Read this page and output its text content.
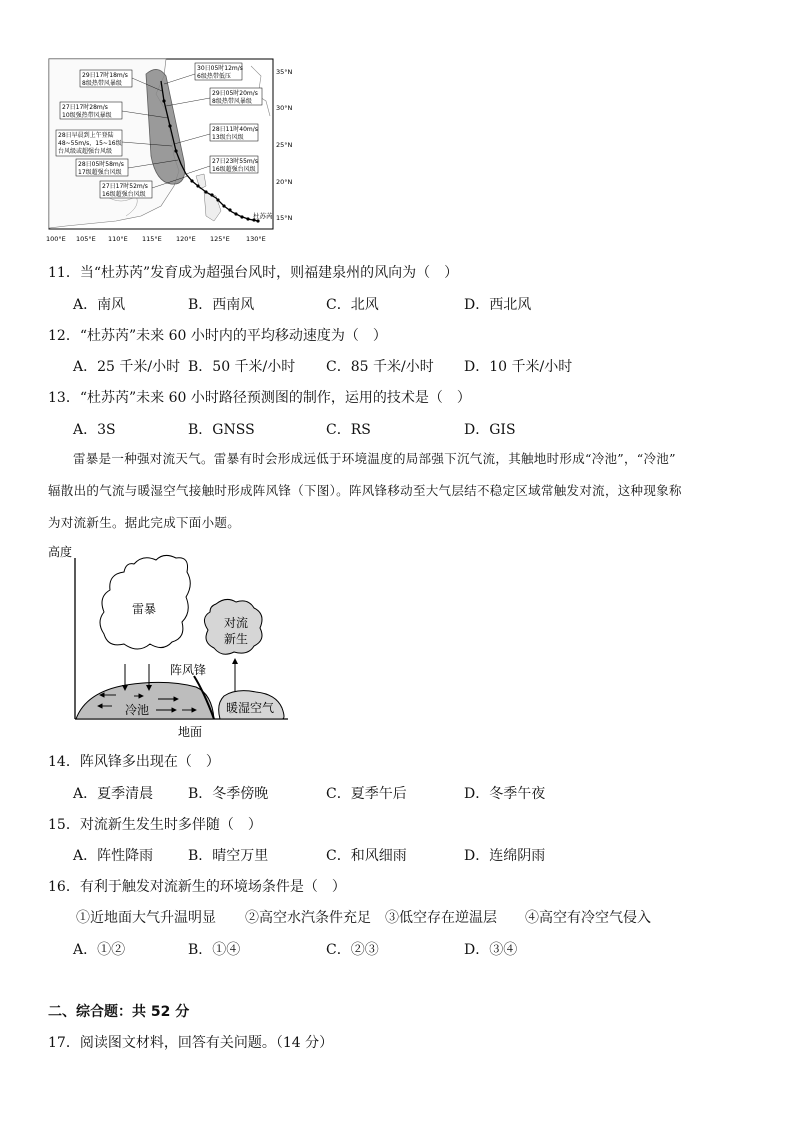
30日05时12m/s
6级热带低压
29日17时18m/s
8级热带风暴级
29日05时20m/s
8级热带风暴级
27日17时28m/s
10级强热带风暴级
28日11时40m/s
13级台风级
28日早晨到上午登陆
48~55m/s，15~16级
台风级或超强台风级
27日23时55m/s
16级超强台风级
28日05时58m/s
17级超强台风级
27日17时52m/s
16级超强台风级
杜苏芮
35°N
30°N
25°N
20°N
15°N
100°E 105°E 110°E 115°E 120°E 125°E 130°E
11．当“杜苏芮”发育成为超强台风时，则福建泉州的风向为（　）
A．南风	B．西南风	C．北风	D．西北风
12．“杜苏芮”未来 60 小时内的平均移动速度为（　）
A．25 千米/小时 B．50 千米/小时 C．85 千米/小时 D．10 千米/小时
13．“杜苏芮”未来 60 小时路径预测图的制作，运用的技术是（　）
A．3S	B．GNSS	C．RS	D．GIS
雷暴是一种强对流天气。雷暴有时会形成远低于环境温度的局部强下沉气流，其触地时形成“冷池”，“冷池”
辐散出的气流与暖湿空气接触时形成阵风锋（下图）。阵风锋移动至大气层结不稳定区域常触发对流，这种现象称
为对流新生。据此完成下面小题。
高度
地面
雷暴
对流
新生
冷池
阵风锋
暖湿空气
14．阵风锋多出现在（　）
A．夏季清晨 B．冬季傍晚	C．夏季午后	D．冬季午夜
15．对流新生发生时多伴随（　）
A．阵性降雨 B．晴空万里	C．和风细雨	D．连绵阴雨
16．有利于触发对流新生的环境场条件是（　）
①近地面大气升温明显 ②高空水汽条件充足 ③低空存在逆温层 ④高空有冷空气侵入
A．①②	B．①④	C．②③	D．③④
二、综合题：共 52 分
17．阅读图文材料，回答有关问题。（14 分）
